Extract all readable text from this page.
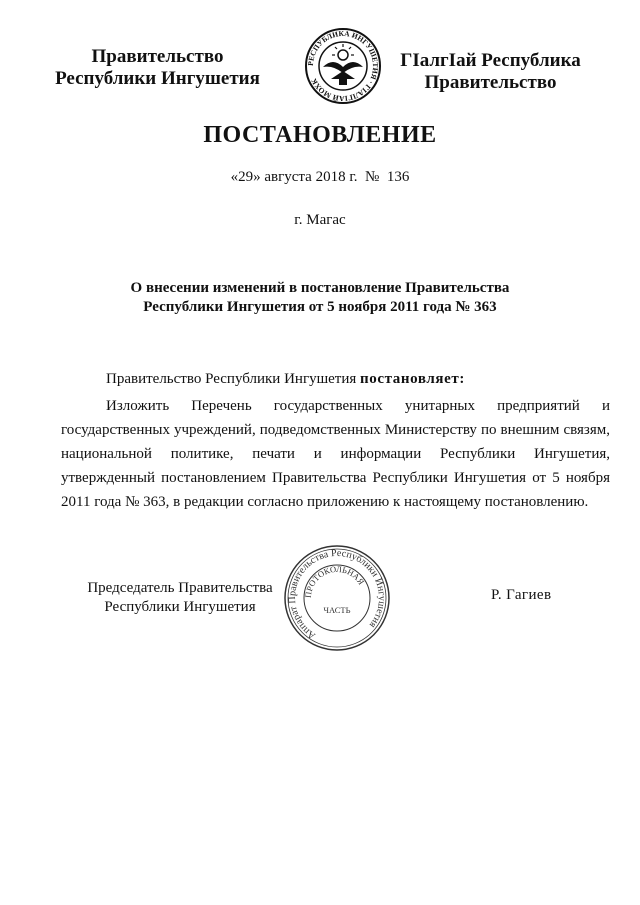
Правительство
Республики Ингушетия
РЕСПУБЛИКА ИНГУШЕТИЯ · ГIАЛГIАЙ МОХК
ГIалгIай Республика
Правительство
ПОСТАНОВЛЕНИЕ
«29» августа 2018 г. № 136
г. Магас
О внесении изменений в постановление Правительства
Республики Ингушетия от 5 ноября 2011 года № 363
Правительство Республики Ингушетия постановляет:
Изложить Перечень государственных унитарных предприятий и государственных учреждений, подведомственных Министерству по внешним связям, национальной политике, печати и информации Республики Ингушетия, утвержденный постановлением Правительства Республики Ингушетия от 5 ноября 2011 года № 363, в редакции согласно приложению к настоящему постановлению.
Председатель Правительства
Республики Ингушетия
Аппарат Правительства Республики Ингушетия
ПРОТОКОЛЬНАЯ
ЧАСТЬ
Р. Гагиев
